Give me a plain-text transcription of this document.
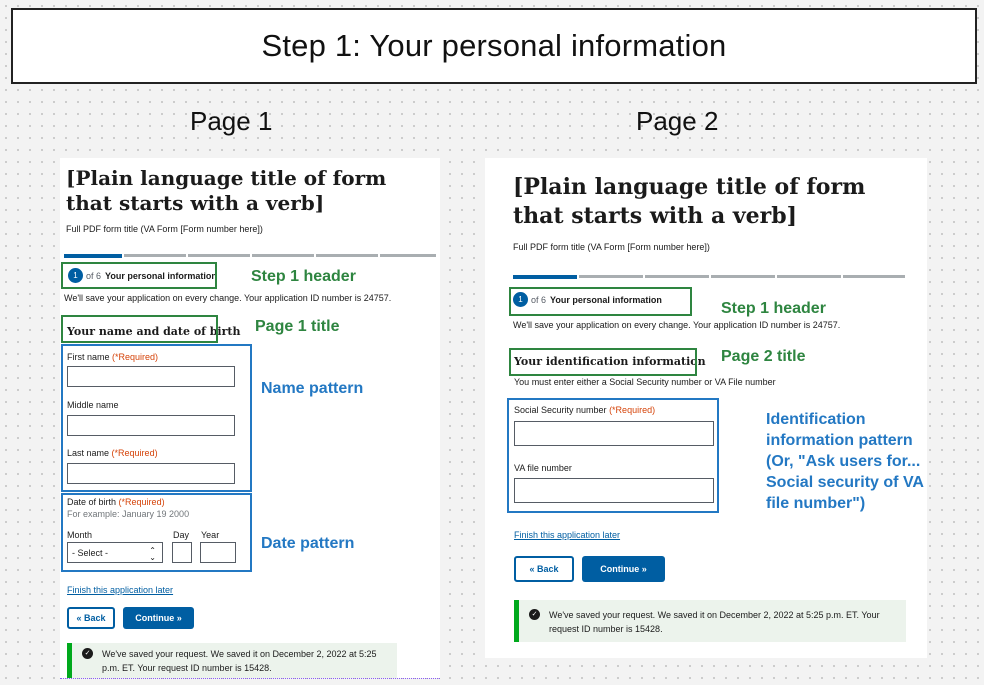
Step 1: Your personal information
Page 1	Page 2
[Plain language title of form that starts with a verb]
Full PDF form title (VA Form [Form number here])
1 of 6 Your personal information
We'll save your application on every change. Your application ID number is 24757.
Your name and date of birth
First name (*Required)
Middle name
Last name (*Required)
Date of birth (*Required)
For example: January 19 2000
Month	Day Year
- Select -	⌃
⌄
Finish this application later
« Back	Continue »
✓ We've saved your request. We saved it on December 2, 2022 at 5:25 p.m. ET. Your request ID number is 15428.
Step 1 header
Page 1 title
Name pattern
Date pattern
[Plain language title of form that starts with a verb]
Full PDF form title (VA Form [Form number here])
1 of 6 Your personal information
We'll save your application on every change. Your application ID number is 24757.
Your identification information
You must enter either a Social Security number or VA File number
Social Security number (*Required)
VA file number
Finish this application later
« Back	Continue »
✓ We've saved your request. We saved it on December 2, 2022 at 5:25 p.m. ET. Your request ID number is 15428.
Step 1 header
Page 2 title
Identification information pattern (Or, "Ask users for... Social security of VA file number")
